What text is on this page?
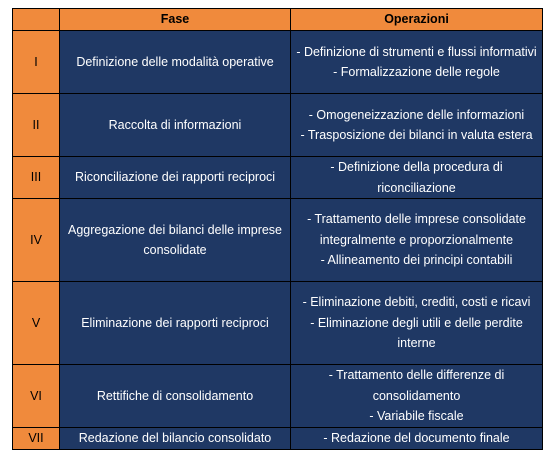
	Fase	Operazioni
I	Definizione delle modalità operative	- Definizione di strumenti e flussi informativi
- Formalizzazione delle regole

II	Raccolta di informazioni	- Omogeneizzazione delle informazioni
- Trasposizione dei bilanci in valuta estera

III	Riconciliazione dei rapporti reciproci	- Definizione della procedura di riconciliazione

IV	Aggregazione dei bilanci delle imprese consolidate	- Trattamento delle imprese consolidate integralmente e proporzionalmente
- Allineamento dei principi contabili

V	Eliminazione dei rapporti reciproci	- Eliminazione debiti, crediti, costi e ricavi
- Eliminazione degli utili e delle perdite interne

VI	Rettifiche di consolidamento	- Trattamento delle differenze di consolidamento
- Variabile fiscale

VII	Redazione del bilancio consolidato	- Redazione del documento finale
